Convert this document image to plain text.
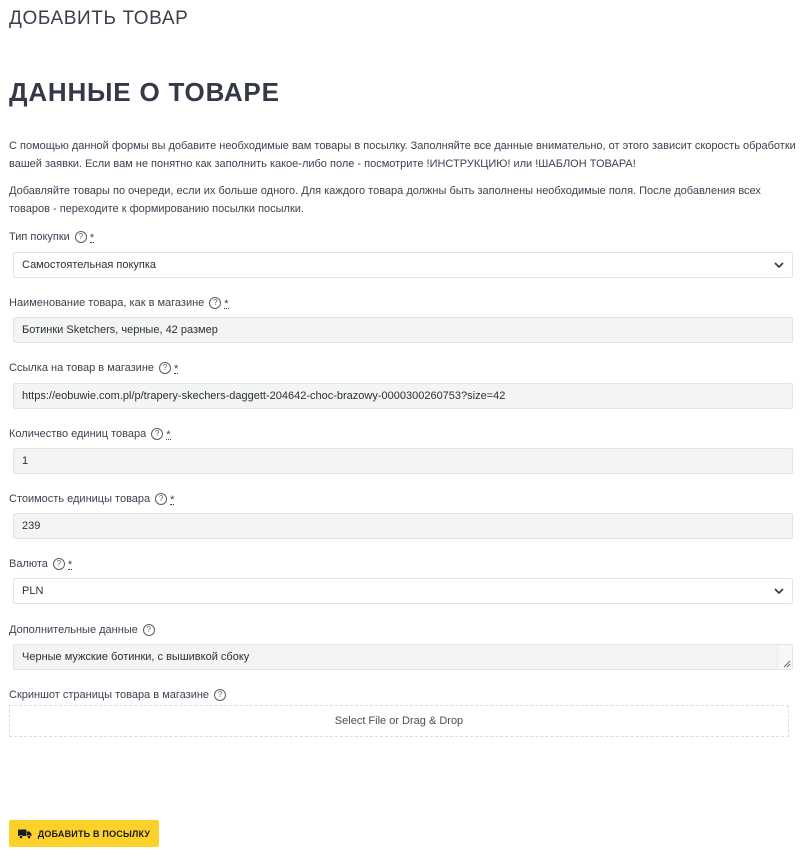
ДОБАВИТЬ ТОВАР
ДАННЫЕ О ТОВАРЕ

С помощью данной формы вы добавите необходимые вам товары в посылку. Заполняйте все данные внимательно, от этого зависит скорость обработки вашей заявки. Если вам не понятно как заполнить какое-либо поле - посмотрите !ИНСТРУКЦИЮ! или !ШАБЛОН ТОВАРА!

Добавляйте товары по очереди, если их больше одного. Для каждого товара должны быть заполнены необходимые поля. После добавления всех товаров - переходите к формированию посылки посылки.

Тип покупки	? *
Самостоятельная покупка
Наименование товара, как в магазине	? *
Ботинки Sketchers, черные, 42 размер
Ссылка на товар в магазине	? *
https://eobuwie.com.pl/p/trapery-skechers-daggett-204642-choc-brazowy-0000300260753?size=42
Количество единиц товара	? *
1
Стоимость единицы товара	? *
239
Валюта	? *
PLN
Дополнительные данные	?
Черные мужские ботинки, с вышивкой сбоку
Скриншот страницы товара в магазине	?
Select File or Drag & Drop
ДОБАВИТЬ В ПОСЫЛКУ
